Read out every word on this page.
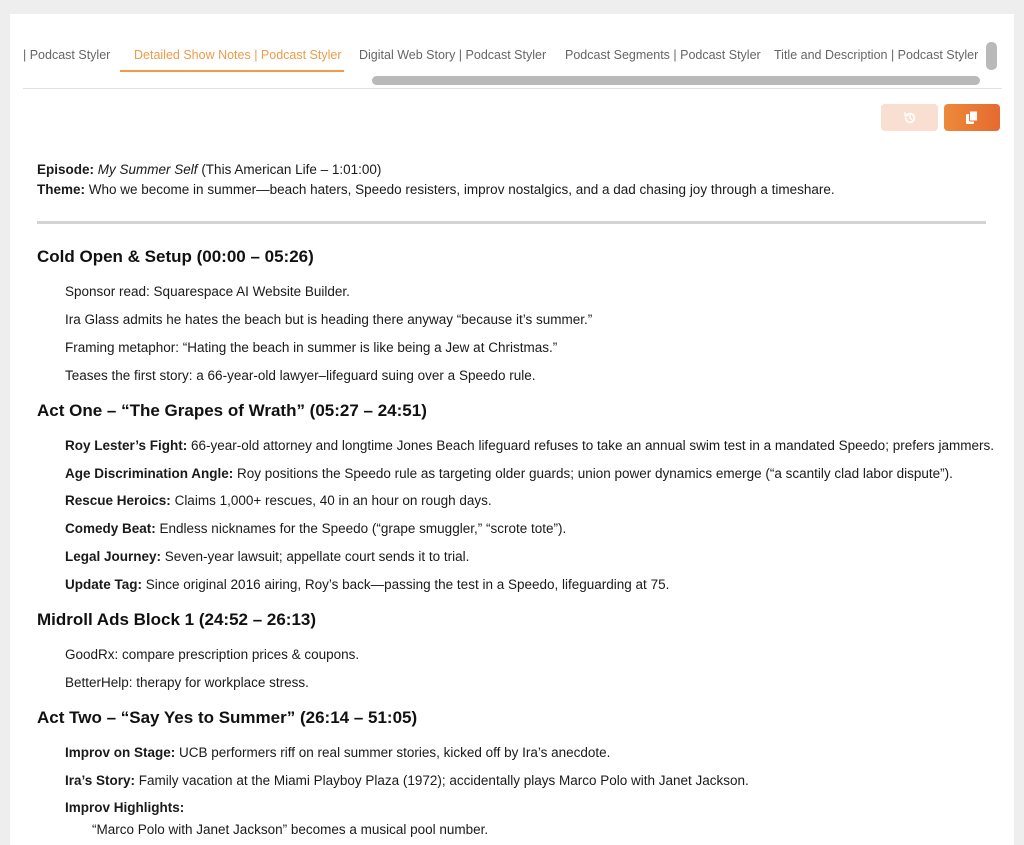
| Podcast Styler	Detailed Show Notes | Podcast Styler	Digital Web Story | Podcast Styler	Podcast Segments | Podcast Styler	Title and Description | Podcast Styler
Episode: My Summer Self (This American Life – 1:01:00)
Theme: Who we become in summer—beach haters, Speedo resisters, improv nostalgics, and a dad chasing joy through a timeshare.
Cold Open & Setup (00:00 – 05:26)
Sponsor read: Squarespace AI Website Builder.
Ira Glass admits he hates the beach but is heading there anyway “because it’s summer.”
Framing metaphor: “Hating the beach in summer is like being a Jew at Christmas.”
Teases the first story: a 66-year-old lawyer–lifeguard suing over a Speedo rule.
Act One – “The Grapes of Wrath” (05:27 – 24:51)
Roy Lester’s Fight: 66-year-old attorney and longtime Jones Beach lifeguard refuses to take an annual swim test in a mandated Speedo; prefers jammers.
Age Discrimination Angle: Roy positions the Speedo rule as targeting older guards; union power dynamics emerge (“a scantily clad labor dispute”).
Rescue Heroics: Claims 1,000+ rescues, 40 in an hour on rough days.
Comedy Beat: Endless nicknames for the Speedo (“grape smuggler,” “scrote tote”).
Legal Journey: Seven-year lawsuit; appellate court sends it to trial.
Update Tag: Since original 2016 airing, Roy’s back—passing the test in a Speedo, lifeguarding at 75.
Midroll Ads Block 1 (24:52 – 26:13)
GoodRx: compare prescription prices & coupons.
BetterHelp: therapy for workplace stress.
Act Two – “Say Yes to Summer” (26:14 – 51:05)
Improv on Stage: UCB performers riff on real summer stories, kicked off by Ira’s anecdote.
Ira’s Story: Family vacation at the Miami Playboy Plaza (1972); accidentally plays Marco Polo with Janet Jackson.
Improv Highlights:
“Marco Polo with Janet Jackson” becomes a musical pool number.
